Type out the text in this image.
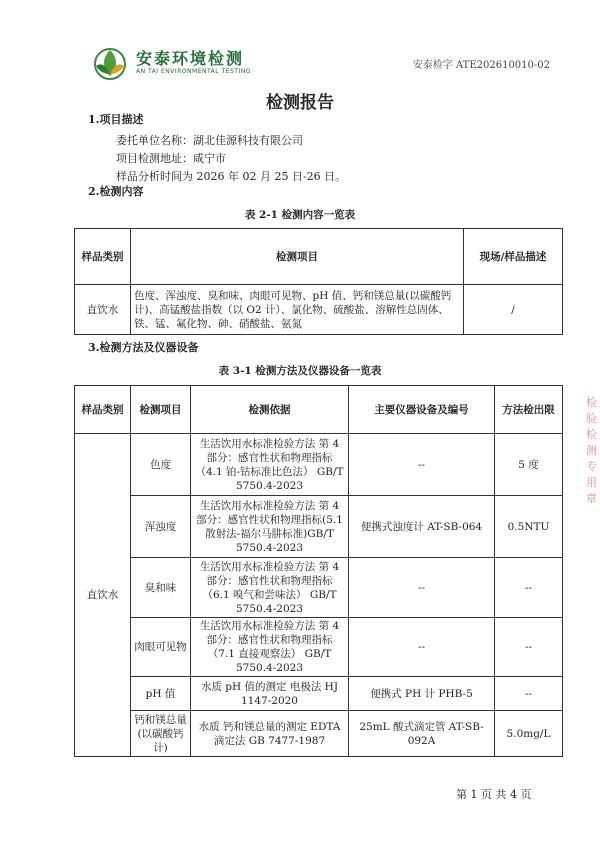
安泰环境检测
AN TAI ENVIRONMENTAL TESTING
安泰检字 ATE202610010-02
检测报告
1.项目描述
委托单位名称：湖北佳源科技有限公司
项目检测地址：咸宁市
样品分析时间为 2026 年 02 月 25 日-26 日。
2.检测内容
表 2-1 检测内容一览表
样品类别	检测项目	现场/样品描述
直饮水	色度、浑浊度、臭和味、肉眼可见物、pH 值、钙和镁总量(以碳酸钙计)、高锰酸盐指数（以 O2 计）、氯化物、硫酸盐、溶解性总固体、铁、锰、氟化物、砷、硝酸盐、氨氮	/
3.检测方法及仪器设备
表 3-1 检测方法及仪器设备一览表
样品类别	检测项目	检测依据	主要仪器设备及编号	方法检出限
直饮水	色度	生活饮用水标准检验方法 第 4 部分：感官性状和物理指标（4.1 铂-钴标准比色法） GB/T 5750.4-2023	--	5 度
	浑浊度	生活饮用水标准检验方法 第 4 部分：感官性状和物理指标(5.1 散射法-福尔马肼标准)GB/T 5750.4-2023	便携式浊度计 AT-SB-064	0.5NTU
	臭和味	生活饮用水标准检验方法 第 4 部分：感官性状和物理指标（6.1 嗅气和尝味法） GB/T 5750.4-2023	--	--
	肉眼可见物	生活饮用水标准检验方法 第 4 部分：感官性状和物理指标（7.1 直接观察法） GB/T 5750.4-2023	--	--
	pH 值	水质 pH 值的测定 电极法 HJ 1147-2020	便携式 PH 计 PHB-5	--
	钙和镁总量(以碳酸钙计)	水质 钙和镁总量的测定 EDTA 滴定法 GB 7477-1987	25mL 酸式滴定管 AT-SB-092A	5.0mg/L
检验检测专用章
第 1 页 共 4 页
